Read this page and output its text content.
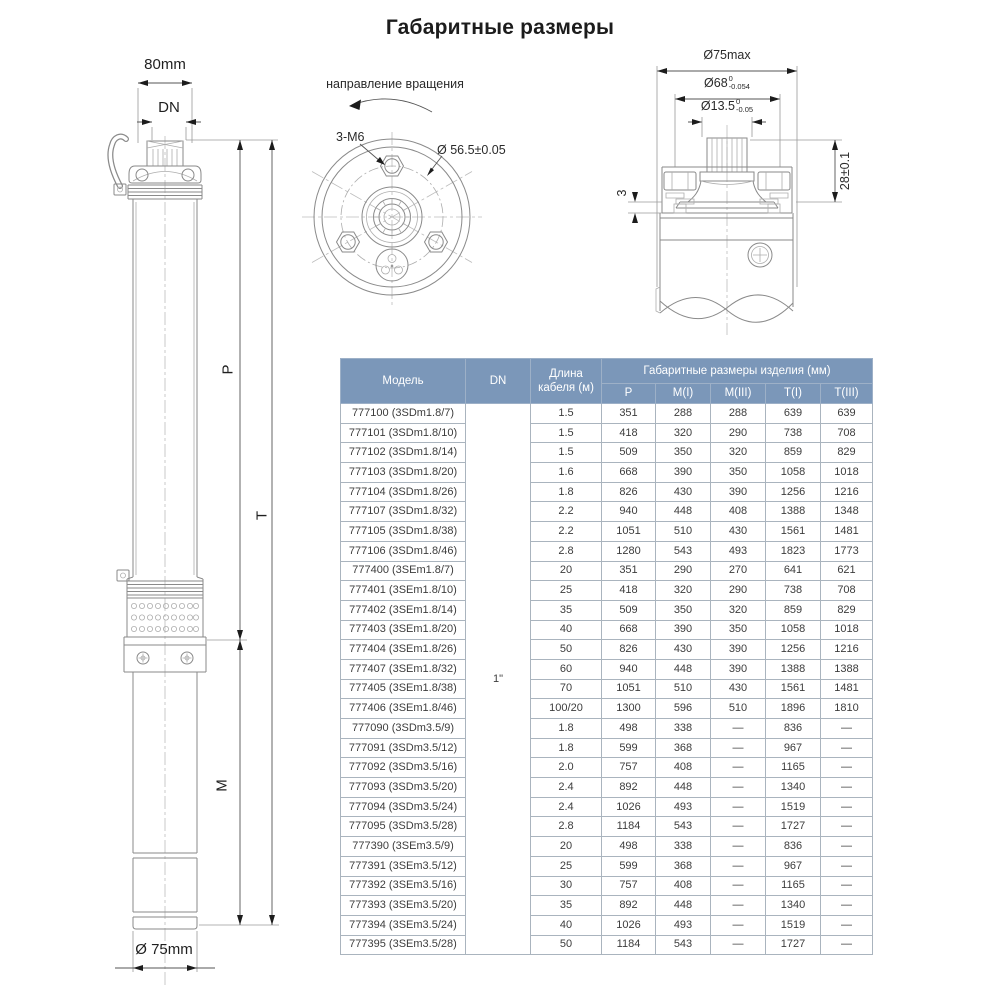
Габаритные размеры
80mm
DN
P
T
M
Ø 75mm
направление вращения
3-М6
Ø 56.5±0.05
Ø75max
Ø68 0
-0.054
Ø13.5 0
-0.05
28±0.1
3
Модель	DN	Длина кабеля (м)	Габаритные размеры изделия (мм)				
			P	M(I)	M(III)	T(I)	T(III)
777100 (3SDm1.8/7)	1"	1.5	351	288	288	639	639
777101 (3SDm1.8/10)		1.5	418	320	290	738	708
777102 (3SDm1.8/14)		1.5	509	350	320	859	829
777103 (3SDm1.8/20)		1.6	668	390	350	1058	1018
777104 (3SDm1.8/26)		1.8	826	430	390	1256	1216
777107 (3SDm1.8/32)		2.2	940	448	408	1388	1348
777105 (3SDm1.8/38)		2.2	1051	510	430	1561	1481
777106 (3SDm1.8/46)		2.8	1280	543	493	1823	1773
777400 (3SEm1.8/7)		20	351	290	270	641	621
777401 (3SEm1.8/10)		25	418	320	290	738	708
777402 (3SEm1.8/14)		35	509	350	320	859	829
777403 (3SEm1.8/20)		40	668	390	350	1058	1018
777404 (3SEm1.8/26)		50	826	430	390	1256	1216
777407 (3SEm1.8/32)		60	940	448	390	1388	1388
777405 (3SEm1.8/38)		70	1051	510	430	1561	1481
777406 (3SEm1.8/46)		100/20	1300	596	510	1896	1810
777090 (3SDm3.5/9)		1.8	498	338	—	836	—
777091 (3SDm3.5/12)		1.8	599	368	—	967	—
777092 (3SDm3.5/16)		2.0	757	408	—	1165	—
777093 (3SDm3.5/20)		2.4	892	448	—	1340	—
777094 (3SDm3.5/24)		2.4	1026	493	—	1519	—
777095 (3SDm3.5/28)		2.8	1184	543	—	1727	—
777390 (3SEm3.5/9)		20	498	338	—	836	—
777391 (3SEm3.5/12)		25	599	368	—	967	—
777392 (3SEm3.5/16)		30	757	408	—	1165	—
777393 (3SEm3.5/20)		35	892	448	—	1340	—
777394 (3SEm3.5/24)		40	1026	493	—	1519	—
777395 (3SEm3.5/28)		50	1184	543	—	1727	—
